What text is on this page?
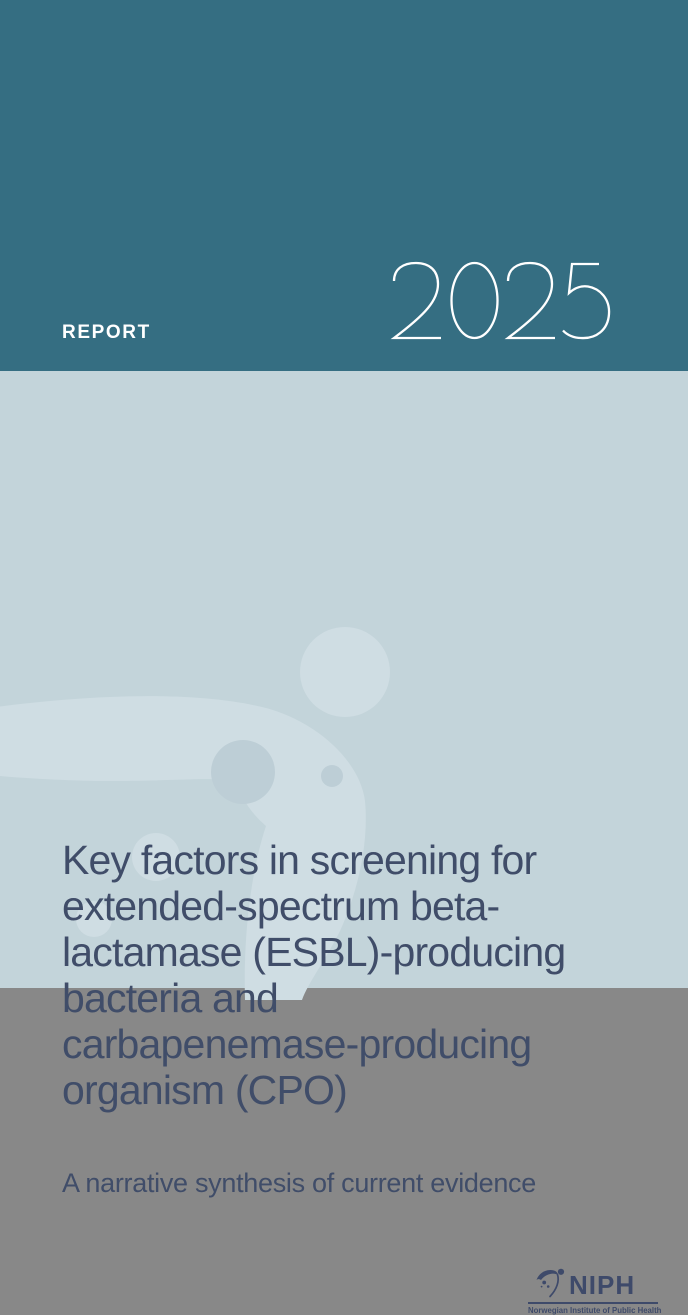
REPORT
Key factors in screening for
extended-spectrum beta-
lactamase (ESBL)-producing
bacteria and
carbapenemase-producing
organism (CPO)
A narrative synthesis of current evidence
NIPH
Norwegian Institute of Public Health
